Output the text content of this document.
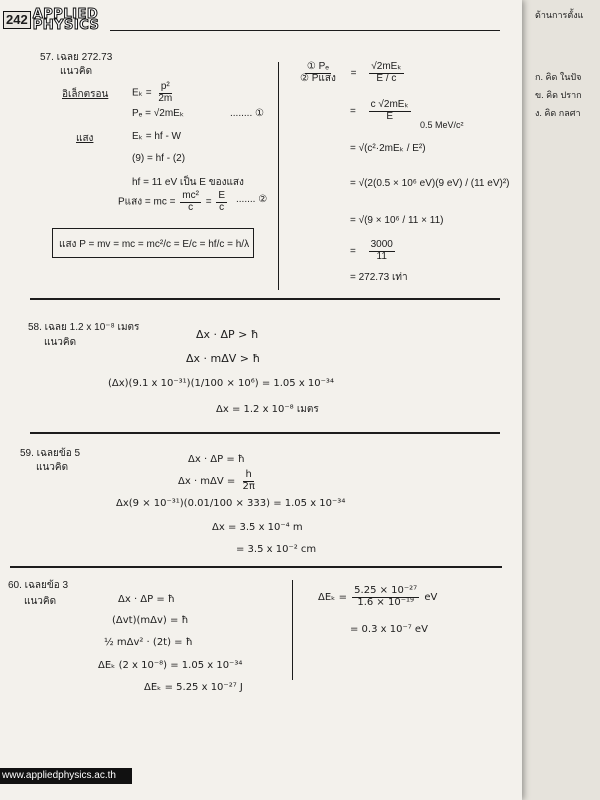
ด้านการตั้งแ
ก. คิด ในปัจ
ข. คิด ปราก
ง. คิด กลศา
242 APPLIED
PHYSICS
57. เฉลย 272.73
แนวคิด
อิเล็กตรอน $E_k = \frac{\text{p²}}{2m}$
Pₑ = √2mEₖ	........ ①
แสง	Eₖ = hf - W
(9) = hf - (2)
hf = 11 eV เป็น E ของแสง
Pแสง = mc = $\frac{\text{mc²}}{c} = \frac{E}{c}$ ....... ②
แสง P = mv = mc = mc²/c = E/c = hf/c = h/λ
$\frac{\text{① Pₑ}}{\text{② Pแสง}} = \frac{\text{√2mEₖ}}{E / c}$
= $\frac{\text{c √2mEₖ}}{E}$
0.5 MeV/c²
= √(c²·2mEₖ / E²)
= √(2(0.5 × 10⁶ eV)(9 eV) / (11 eV)²)
= √(9 × 10⁶ / 11 × 11)
= $\frac{3000}{11}$
= 272.73 เท่า
58. เฉลย 1.2 x 10⁻⁸ เมตร
แนวคิด
Δx · ΔP > ħ
Δx · mΔV > ħ
(Δx)(9.1 x 10⁻³¹)(1/100 × 10⁶) = 1.05 x 10⁻³⁴
Δx = 1.2 x 10⁻⁸ เมตร
59. เฉลยข้อ 5
แนวคิด
Δx · ΔP = ħ
$\Delta x \cdot m\Delta V = \frac{h}{2\pi}$
Δx(9 × 10⁻³¹)(0.01/100 × 333) = 1.05 x 10⁻³⁴
Δx = 3.5 x 10⁻⁴ m
= 3.5 x 10⁻² cm
60. เฉลยข้อ 3
แนวคิด	Δx · ΔP = ħ
(Δvt)(mΔv) = ħ
½ mΔv² · (2t) = ħ
ΔEₖ (2 x 10⁻⁸) = 1.05 x 10⁻³⁴
ΔEₖ = 5.25 x 10⁻²⁷ J
$\Delta E_k = \frac{\text{5.25 × 10⁻²⁷}}{\text{1.6 × 10⁻¹⁹}}$ eV
= 0.3 x 10⁻⁷ eV
www.appliedphysics.ac.th
